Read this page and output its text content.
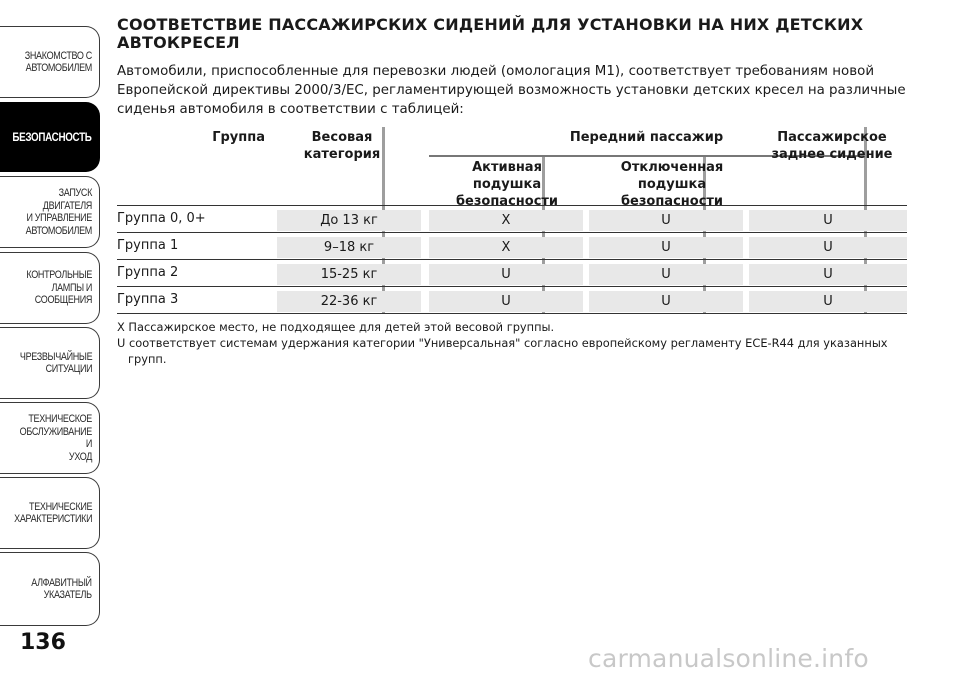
ЗНАКОМСТВО С
АВТОМОБИЛЕМ
БЕЗОПАСНОСТЬ
ЗАПУСК ДВИГАТЕЛЯ
И УПРАВЛЕНИЕ
АВТОМОБИЛЕМ
КОНТРОЛЬНЫЕ
ЛАМПЫ И
СООБЩЕНИЯ
ЧРЕЗВЫЧАЙНЫЕ
СИТУАЦИИ
ТЕХНИЧЕСКОЕ
ОБСЛУЖИВАНИЕ И
УХОД
ТЕХНИЧЕСКИЕ
ХАРАКТЕРИСТИКИ
АЛФАВИТНЫЙ
УКАЗАТЕЛЬ
136
СООТВЕТСТВИЕ ПАССАЖИРСКИХ СИДЕНИЙ ДЛЯ УСТАНОВКИ НА НИХ ДЕТСКИХ АВТОКРЕСЕЛ

Автомобили, приспособленные для перевозки людей (омологация M1), соответствует требованиям новой Европейской директивы 2000/3/ЕС, регламентирующей возможность установки детских кресел на различные сиденья автомобиля в соответствии с таблицей:

Группа	Весовая категория
Передний пассажир
Активная подушка безопасности
Отключенная подушка безопасности
Пассажирское заднее сидение
Группа 0, 0+	До 13 кг	X	U	U
Группа 1	9–18 кг	X	U	U
Группа 2	15-25 кг	U	U	U
Группа 3	22-36 кг	U	U	U
X Пассажирское место, не подходящее для детей этой весовой группы.
U соответствует системам удержания категории "Универсальная" согласно европейскому регламенту ЕСЕ-R44 для указанных групп.
carmanualsonline.info
